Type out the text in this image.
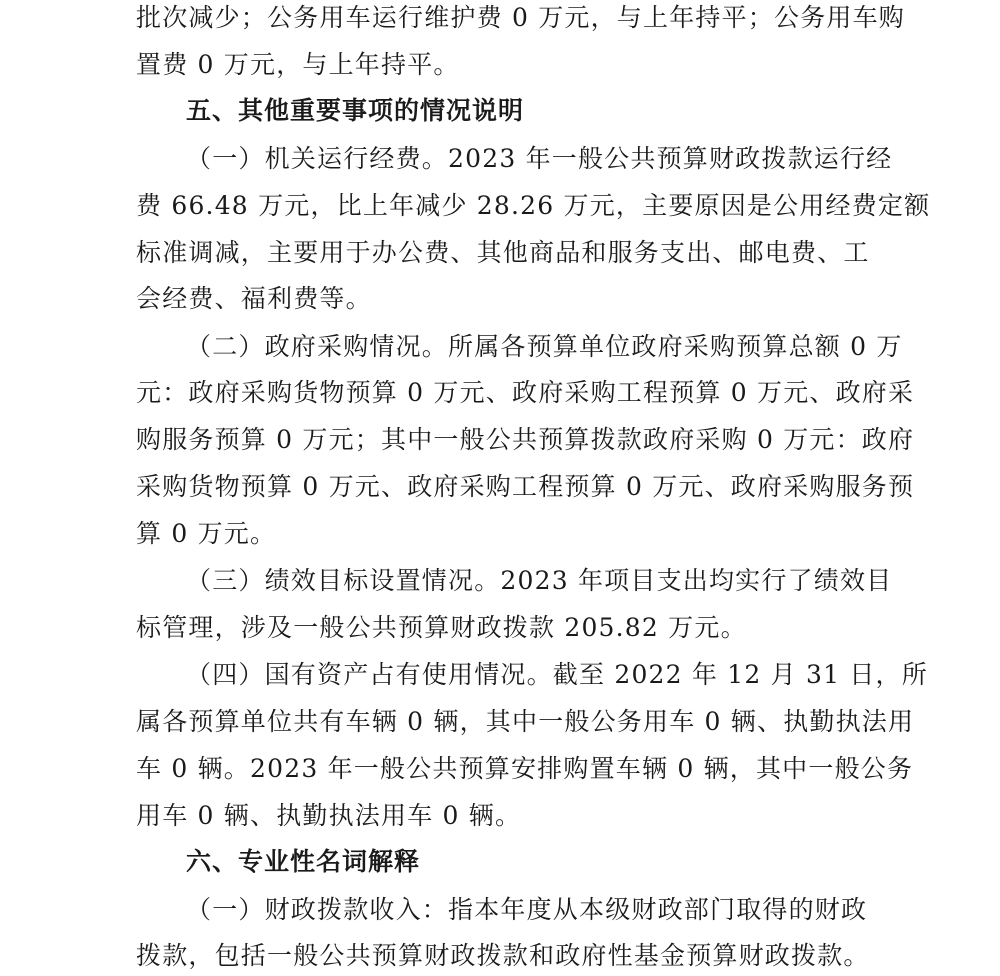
批次减少；公务用车运行维护费 0 万元，与上年持平；公务用车购
置费 0 万元，与上年持平。
五、其他重要事项的情况说明
（一）机关运行经费。2023 年一般公共预算财政拨款运行经
费 66.48 万元，比上年减少 28.26 万元，主要原因是公用经费定额
标准调减，主要用于办公费、其他商品和服务支出、邮电费、工
会经费、福利费等。
（二）政府采购情况。所属各预算单位政府采购预算总额 0 万
元：政府采购货物预算 0 万元、政府采购工程预算 0 万元、政府采
购服务预算 0 万元；其中一般公共预算拨款政府采购 0 万元：政府
采购货物预算 0 万元、政府采购工程预算 0 万元、政府采购服务预
算 0 万元。
（三）绩效目标设置情况。2023 年项目支出均实行了绩效目
标管理，涉及一般公共预算财政拨款 205.82 万元。
（四）国有资产占有使用情况。截至 2022 年 12 月 31 日，所
属各预算单位共有车辆 0 辆，其中一般公务用车 0 辆、执勤执法用
车 0 辆。2023 年一般公共预算安排购置车辆 0 辆，其中一般公务
用车 0 辆、执勤执法用车 0 辆。
六、专业性名词解释
（一）财政拨款收入：指本年度从本级财政部门取得的财政
拨款，包括一般公共预算财政拨款和政府性基金预算财政拨款。
